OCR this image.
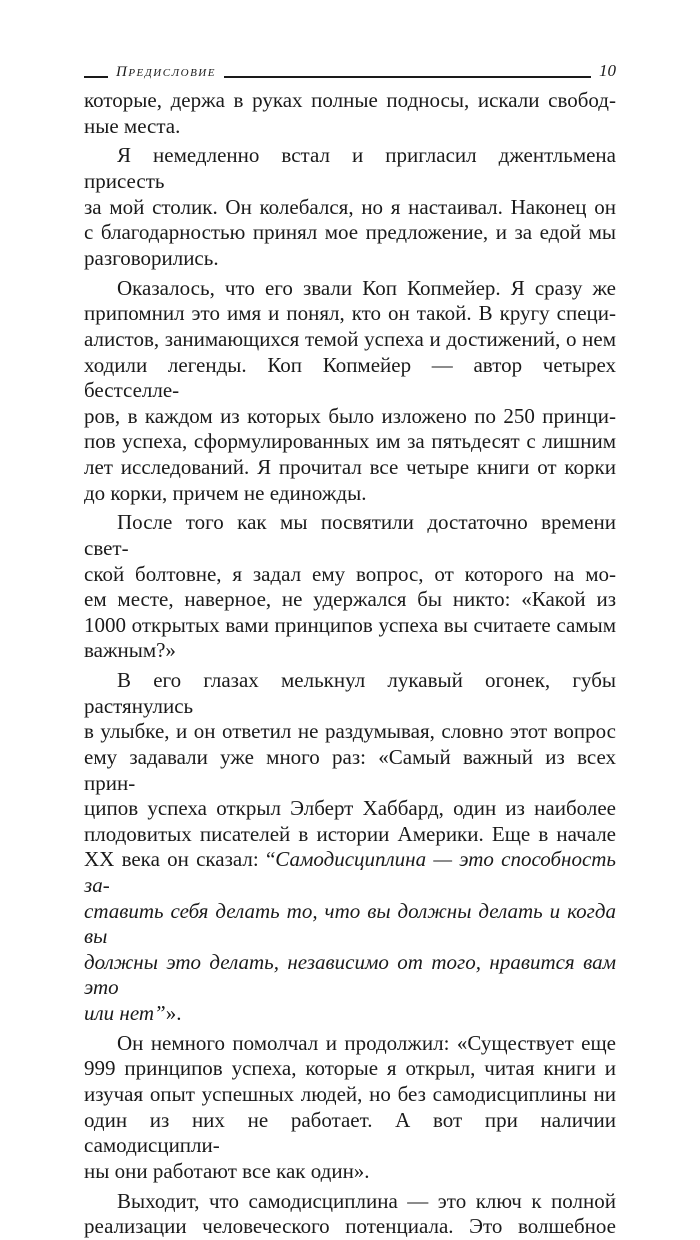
Предисловие	10

которые, держа в руках полные подносы, искали свобод-

ные места.

Я немедленно встал и пригласил джентльмена присесть

за мой столик. Он колебался, но я настаивал. Наконец он

с благодарностью принял мое предложение, и за едой мы

разговорились.

Оказалось, что его звали Коп Копмейер. Я сразу же

припомнил это имя и понял, кто он такой. В кругу специ-

алистов, занимающихся темой успеха и достижений, о нем

ходили легенды. Коп Копмейер — автор четырех бестселле-

ров, в каждом из которых было изложено по 250 принци-

пов успеха, сформулированных им за пятьдесят с лишним

лет исследований. Я прочитал все четыре книги от корки

до корки, причем не единожды.

После того как мы посвятили достаточно времени свет-

ской болтовне, я задал ему вопрос, от которого на мо-

ем месте, наверное, не удержался бы никто: «Какой из

1000 открытых вами принципов успеха вы считаете самым

важным?»

В его глазах мелькнул лукавый огонек, губы растянулись

в улыбке, и он ответил не раздумывая, словно этот вопрос

ему задавали уже много раз: «Самый важный из всех прин-

ципов успеха открыл Элберт Хаббард, один из наиболее

плодовитых писателей в истории Америки. Еще в начале

XX века он сказал: “Самодисциплина — это способность за-

ставить себя делать то, что вы должны делать и когда вы

должны это делать, независимо от того, нравится вам это

или нет”».

Он немного помолчал и продолжил: «Существует еще

999 принципов успеха, которые я открыл, читая книги и

изучая опыт успешных людей, но без самодисциплины ни

один из них не работает. А вот при наличии самодисципли-

ны они работают все как один».

Выходит, что самодисциплина — это ключ к полной

реализации человеческого потенциала. Это волшебное
